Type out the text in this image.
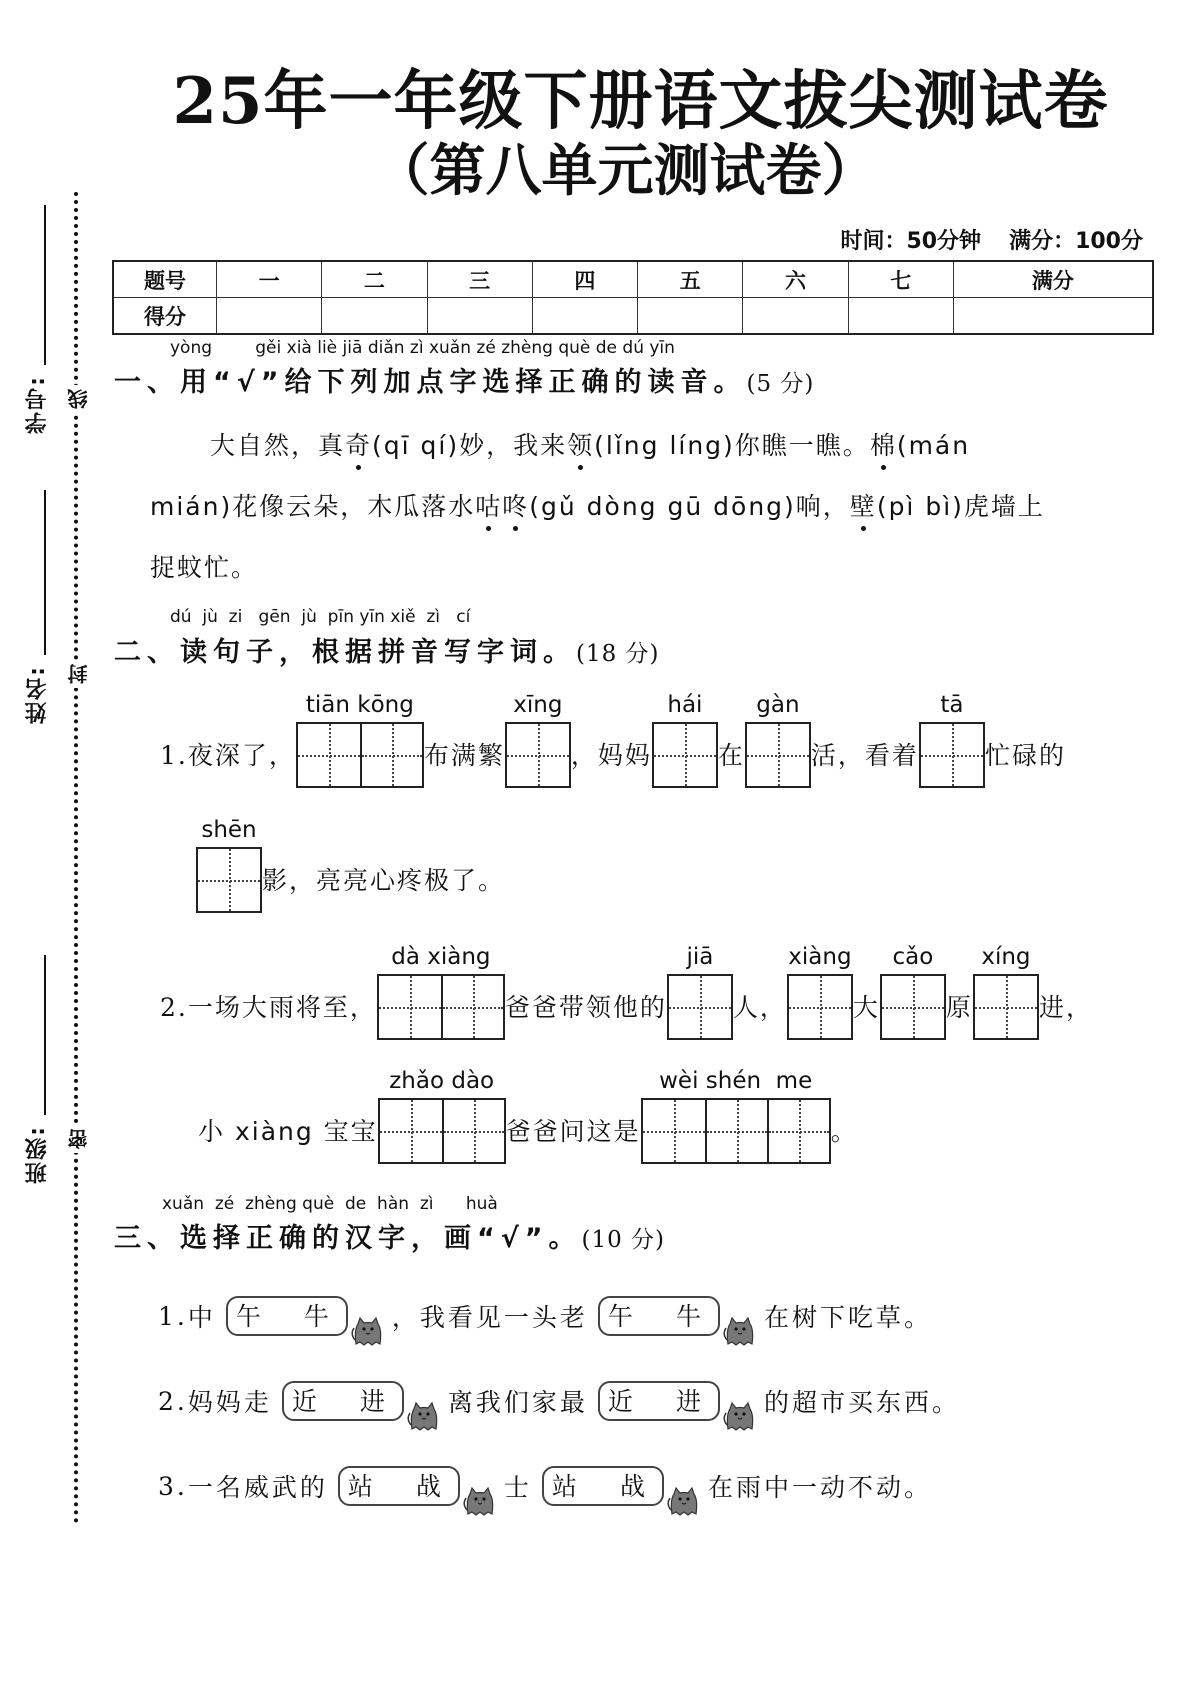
25年一年级下册语文拔尖测试卷
（第八单元测试卷）
时间：50分钟 满分：100分
题号	一	二	三	四	五	六	七	满分
得分								
学号:
姓名:
班级:
线
封
密
yòng        gěi xià liè jiā diǎn zì xuǎn zé zhèng què de dú yīn
一、用“√”给下列加点字选择正确的读音。(5 分)
大自然，真奇(qī qí)妙，我来领(lǐng líng)你瞧一瞧。棉(mán
mián)花像云朵，木瓜落水咕咚(gǔ dòng gū dōng)响，壁(pì bì)虎墙上
捉蚊忙。
dú  jù  zi   gēn  jù  pīn yīn xiě  zì   cí
二、读句子，根据拼音写字词。(18 分)
1. 夜深了，
tiān kōng
布满繁
xīng
，妈妈
hái
在
gàn
活，看着
tā
忙碌的
shēn
影，亮亮心疼极了。
2. 一场大雨将至，
dà xiàng
爸爸带领他的
jiā
人，
xiàng
大
cǎo
原
xíng
进，
小 xiàng 宝宝
zhǎo dào
爸爸问这是
wèi shén  me
。
xuǎn  zé  zhèng què  de  hàn  zì      huà
三、选择正确的汉字，画“√”。(10 分)
1. 中 午 牛 ，我看见一头老 午 牛 在树下吃草。
2. 妈妈走 近 进 离我们家最 近 进 的超市买东西。
3. 一名威武的 站 战 士 站 战 在雨中一动不动。
